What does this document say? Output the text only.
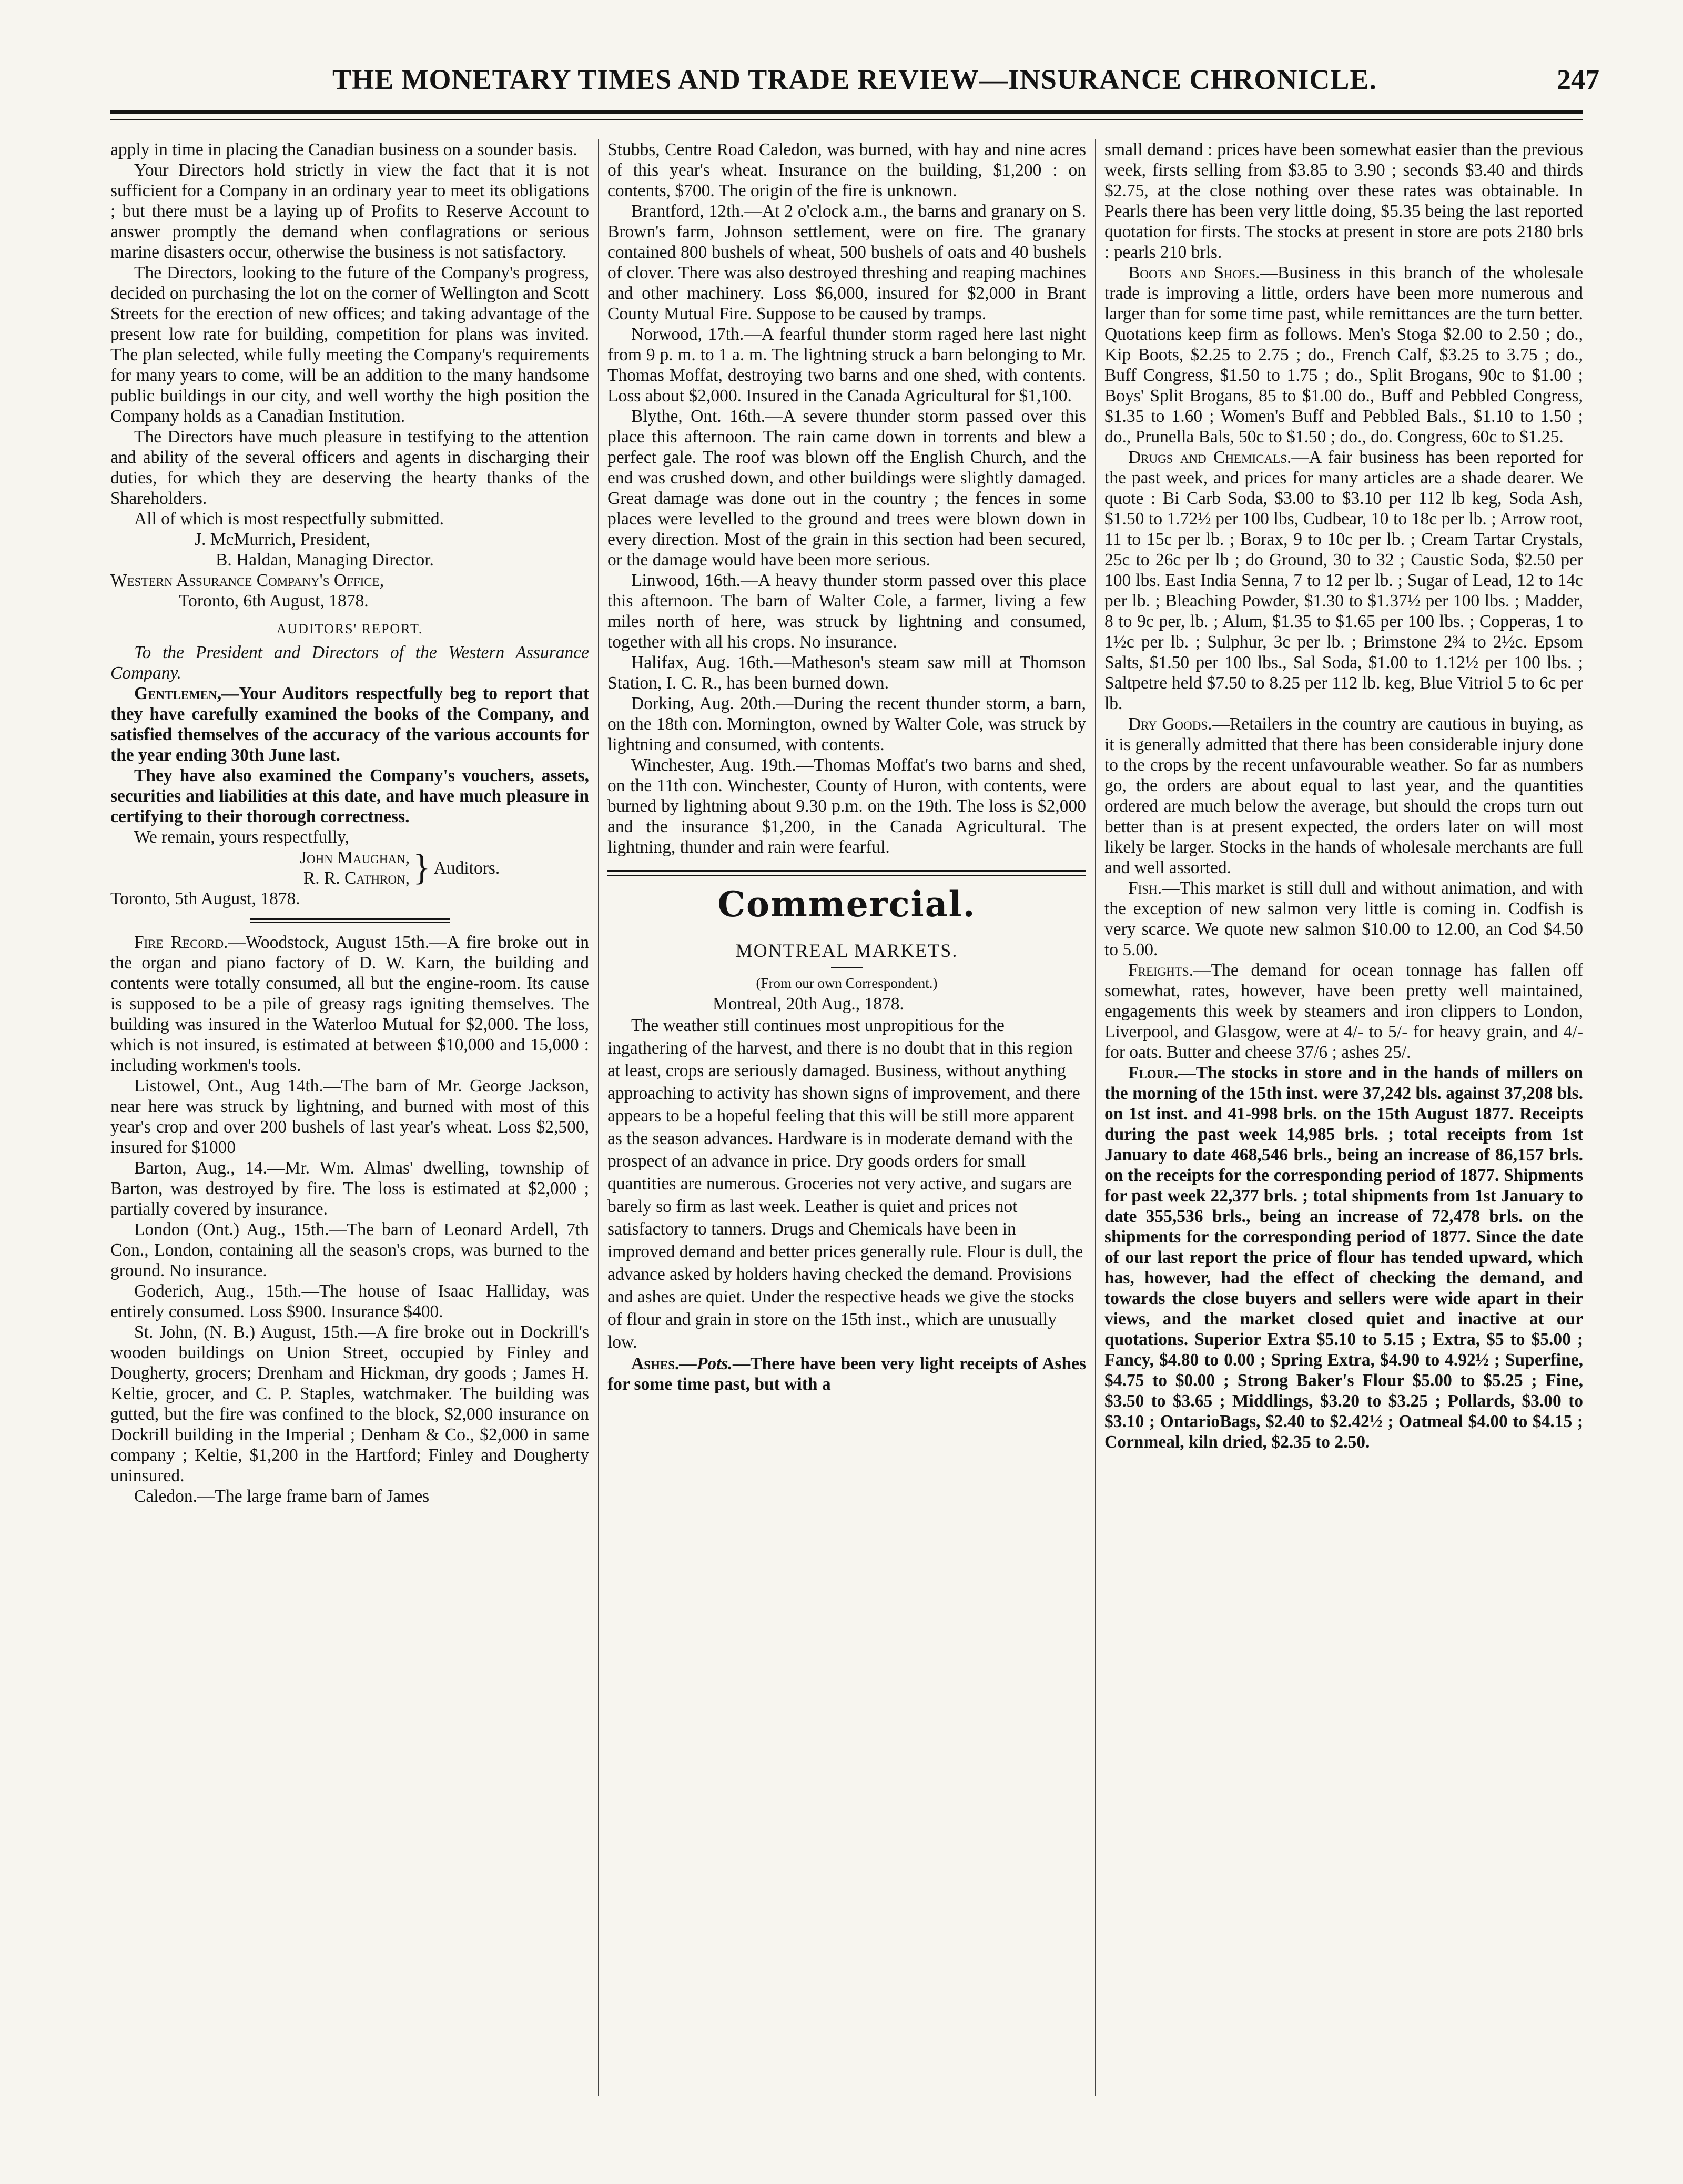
THE MONETARY TIMES AND TRADE REVIEW—INSURANCE CHRONICLE.	247

apply in time in placing the Canadian business on a sounder basis.

Your Directors hold strictly in view the fact that it is not sufficient for a Company in an ordinary year to meet its obligations ; but there must be a laying up of Profits to Reserve Account to answer promptly the demand when conflagrations or serious marine disasters occur, otherwise the business is not satisfactory.

The Directors, looking to the future of the Company's progress, decided on purchasing the lot on the corner of Wellington and Scott Streets for the erection of new offices; and taking advantage of the present low rate for building, competition for plans was invited. The plan selected, while fully meeting the Company's requirements for many years to come, will be an addition to the many handsome public buildings in our city, and well worthy the high position the Company holds as a Canadian Institution.

The Directors have much pleasure in testifying to the attention and ability of the several officers and agents in discharging their duties, for which they are deserving the hearty thanks of the Shareholders.

All of which is most respectfully submitted.

J. McMurrich, President,

B. Haldan, Managing Director.

Western Assurance Company's Office,

Toronto, 6th August, 1878.

AUDITORS' REPORT.

To the President and Directors of the Western Assurance Company.

Gentlemen,—Your Auditors respectfully beg to report that they have carefully examined the books of the Company, and satisfied themselves of the accuracy of the various accounts for the year ending 30th June last.

They have also examined the Company's vouchers, assets, securities and liabilities at this date, and have much pleasure in certifying to their thorough correctness.

We remain, yours respectfully,

John Maughan,
R. R. Cathron, } Auditors.

Toronto, 5th August, 1878.

Fire Record.—Woodstock, August 15th.—A fire broke out in the organ and piano factory of D. W. Karn, the building and contents were totally consumed, all but the engine-room. Its cause is supposed to be a pile of greasy rags igniting themselves. The building was insured in the Waterloo Mutual for $2,000. The loss, which is not insured, is estimated at between $10,000 and 15,000 : including workmen's tools.

Listowel, Ont., Aug 14th.—The barn of Mr. George Jackson, near here was struck by lightning, and burned with most of this year's crop and over 200 bushels of last year's wheat. Loss $2,500, insured for $1000

Barton, Aug., 14.—Mr. Wm. Almas' dwelling, township of Barton, was destroyed by fire. The loss is estimated at $2,000 ; partially covered by insurance.

London (Ont.) Aug., 15th.—The barn of Leonard Ardell, 7th Con., London, containing all the season's crops, was burned to the ground. No insurance.

Goderich, Aug., 15th.—The house of Isaac Halliday, was entirely consumed. Loss $900. Insurance $400.

St. John, (N. B.) August, 15th.—A fire broke out in Dockrill's wooden buildings on Union Street, occupied by Finley and Dougherty, grocers; Drenham and Hickman, dry goods ; James H. Keltie, grocer, and C. P. Staples, watchmaker. The building was gutted, but the fire was confined to the block, $2,000 insurance on Dockrill building in the Imperial ; Denham & Co., $2,000 in same company ; Keltie, $1,200 in the Hartford; Finley and Dougherty uninsured.

Caledon.—The large frame barn of James

Stubbs, Centre Road Caledon, was burned, with hay and nine acres of this year's wheat. Insurance on the building, $1,200 : on contents, $700. The origin of the fire is unknown.

Brantford, 12th.—At 2 o'clock a.m., the barns and granary on S. Brown's farm, Johnson settlement, were on fire. The granary contained 800 bushels of wheat, 500 bushels of oats and 40 bushels of clover. There was also destroyed threshing and reaping machines and other machinery. Loss $6,000, insured for $2,000 in Brant County Mutual Fire. Suppose to be caused by tramps.

Norwood, 17th.—A fearful thunder storm raged here last night from 9 p. m. to 1 a. m. The lightning struck a barn belonging to Mr. Thomas Moffat, destroying two barns and one shed, with contents. Loss about $2,000. Insured in the Canada Agricultural for $1,100.

Blythe, Ont. 16th.—A severe thunder storm passed over this place this afternoon. The rain came down in torrents and blew a perfect gale. The roof was blown off the English Church, and the end was crushed down, and other buildings were slightly damaged. Great damage was done out in the country ; the fences in some places were levelled to the ground and trees were blown down in every direction. Most of the grain in this section had been secured, or the damage would have been more serious.

Linwood, 16th.—A heavy thunder storm passed over this place this afternoon. The barn of Walter Cole, a farmer, living a few miles north of here, was struck by lightning and consumed, together with all his crops. No insurance.

Halifax, Aug. 16th.—Matheson's steam saw mill at Thomson Station, I. C. R., has been burned down.

Dorking, Aug. 20th.—During the recent thunder storm, a barn, on the 18th con. Mornington, owned by Walter Cole, was struck by lightning and consumed, with contents.

Winchester, Aug. 19th.—Thomas Moffat's two barns and shed, on the 11th con. Winchester, County of Huron, with contents, were burned by lightning about 9.30 p.m. on the 19th. The loss is $2,000 and the insurance $1,200, in the Canada Agricultural. The lightning, thunder and rain were fearful.

Commercial.
MONTREAL MARKETS.

(From our own Correspondent.)

Montreal, 20th Aug., 1878.

The weather still continues most unpropitious for the ingathering of the harvest, and there is no doubt that in this region at least, crops are seriously damaged. Business, without anything approaching to activity has shown signs of improvement, and there appears to be a hopeful feeling that this will be still more apparent as the season advances. Hardware is in moderate demand with the prospect of an advance in price. Dry goods orders for small quantities are numerous. Groceries not very active, and sugars are barely so firm as last week. Leather is quiet and prices not satisfactory to tanners. Drugs and Chemicals have been in improved demand and better prices generally rule. Flour is dull, the advance asked by holders having checked the demand. Provisions and ashes are quiet. Under the respective heads we give the stocks of flour and grain in store on the 15th inst., which are unusually low.

Ashes.—Pots.—There have been very light receipts of Ashes for some time past, but with a

small demand : prices have been somewhat easier than the previous week, firsts selling from $3.85 to 3.90 ; seconds $3.40 and thirds $2.75, at the close nothing over these rates was obtainable. In Pearls there has been very little doing, $5.35 being the last reported quotation for firsts. The stocks at present in store are pots 2180 brls : pearls 210 brls.

Boots and Shoes.—Business in this branch of the wholesale trade is improving a little, orders have been more numerous and larger than for some time past, while remittances are the turn better. Quotations keep firm as follows. Men's Stoga $2.00 to 2.50 ; do., Kip Boots, $2.25 to 2.75 ; do., French Calf, $3.25 to 3.75 ; do., Buff Congress, $1.50 to 1.75 ; do., Split Brogans, 90c to $1.00 ; Boys' Split Brogans, 85 to $1.00 do., Buff and Pebbled Congress, $1.35 to 1.60 ; Women's Buff and Pebbled Bals., $1.10 to 1.50 ; do., Prunella Bals, 50c to $1.50 ; do., do. Congress, 60c to $1.25.

Drugs and Chemicals.—A fair business has been reported for the past week, and prices for many articles are a shade dearer. We quote : Bi Carb Soda, $3.00 to $3.10 per 112 lb keg, Soda Ash, $1.50 to 1.72½ per 100 lbs, Cudbear, 10 to 18c per lb. ; Arrow root, 11 to 15c per lb. ; Borax, 9 to 10c per lb. ; Cream Tartar Crystals, 25c to 26c per lb ; do Ground, 30 to 32 ; Caustic Soda, $2.50 per 100 lbs. East India Senna, 7 to 12 per lb. ; Sugar of Lead, 12 to 14c per lb. ; Bleaching Powder, $1.30 to $1.37½ per 100 lbs. ; Madder, 8 to 9c per, lb. ; Alum, $1.35 to $1.65 per 100 lbs. ; Copperas, 1 to 1½c per lb. ; Sulphur, 3c per lb. ; Brimstone 2¾ to 2½c. Epsom Salts, $1.50 per 100 lbs., Sal Soda, $1.00 to 1.12½ per 100 lbs. ; Saltpetre held $7.50 to 8.25 per 112 lb. keg, Blue Vitriol 5 to 6c per lb.

Dry Goods.—Retailers in the country are cautious in buying, as it is generally admitted that there has been considerable injury done to the crops by the recent unfavourable weather. So far as numbers go, the orders are about equal to last year, and the quantities ordered are much below the average, but should the crops turn out better than is at present expected, the orders later on will most likely be larger. Stocks in the hands of wholesale merchants are full and well assorted.

Fish.—This market is still dull and without animation, and with the exception of new salmon very little is coming in. Codfish is very scarce. We quote new salmon $10.00 to 12.00, an Cod $4.50 to 5.00.

Freights.—The demand for ocean tonnage has fallen off somewhat, rates, however, have been pretty well maintained, engagements this week by steamers and iron clippers to London, Liverpool, and Glasgow, were at 4/- to 5/- for heavy grain, and 4/- for oats. Butter and cheese 37/6 ; ashes 25/.

Flour.—The stocks in store and in the hands of millers on the morning of the 15th inst. were 37,242 bls. against 37,208 bls. on 1st inst. and 41-998 brls. on the 15th August 1877. Receipts during the past week 14,985 brls. ; total receipts from 1st January to date 468,546 brls., being an increase of 86,157 brls. on the receipts for the corresponding period of 1877. Shipments for past week 22,377 brls. ; total shipments from 1st January to date 355,536 brls., being an increase of 72,478 brls. on the shipments for the corresponding period of 1877. Since the date of our last report the price of flour has tended upward, which has, however, had the effect of checking the demand, and towards the close buyers and sellers were wide apart in their views, and the market closed quiet and inactive at our quotations. Superior Extra $5.10 to 5.15 ; Extra, $5 to $5.00 ; Fancy, $4.80 to 0.00 ; Spring Extra, $4.90 to 4.92½ ; Superfine, $4.75 to $0.00 ; Strong Baker's Flour $5.00 to $5.25 ; Fine, $3.50 to $3.65 ; Middlings, $3.20 to $3.25 ; Pollards, $3.00 to $3.10 ; OntarioBags, $2.40 to $2.42½ ; Oatmeal $4.00 to $4.15 ; Cornmeal, kiln dried, $2.35 to 2.50.
